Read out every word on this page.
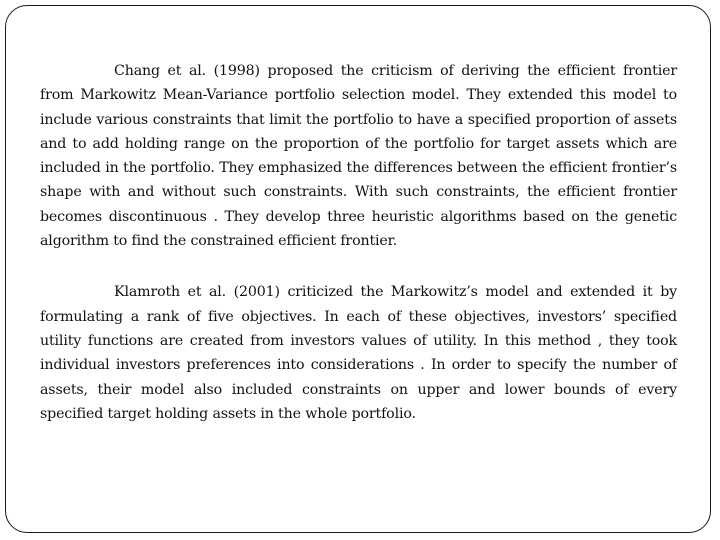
Chang et al. (1998) proposed the criticism of deriving the efficient frontier from Markowitz Mean-Variance portfolio selection model. They extended this model to include various constraints that limit the portfolio to have a specified proportion of assets and to add holding range on the proportion of the portfolio for target assets which are included in the portfolio. They emphasized the differences between the efficient frontier’s shape with and without such constraints. With such constraints, the efficient frontier becomes discontinuous . They develop three heuristic algorithms based on the genetic algorithm to find the constrained efficient frontier.

Klamroth et al. (2001) criticized the Markowitz’s model and extended it by formulating a rank of five objectives. In each of these objectives, investors’ specified utility functions are created from investors values of utility. In this method , they took individual investors preferences into considerations . In order to specify the number of assets, their model also included constraints on upper and lower bounds of every specified target holding assets in the whole portfolio.
